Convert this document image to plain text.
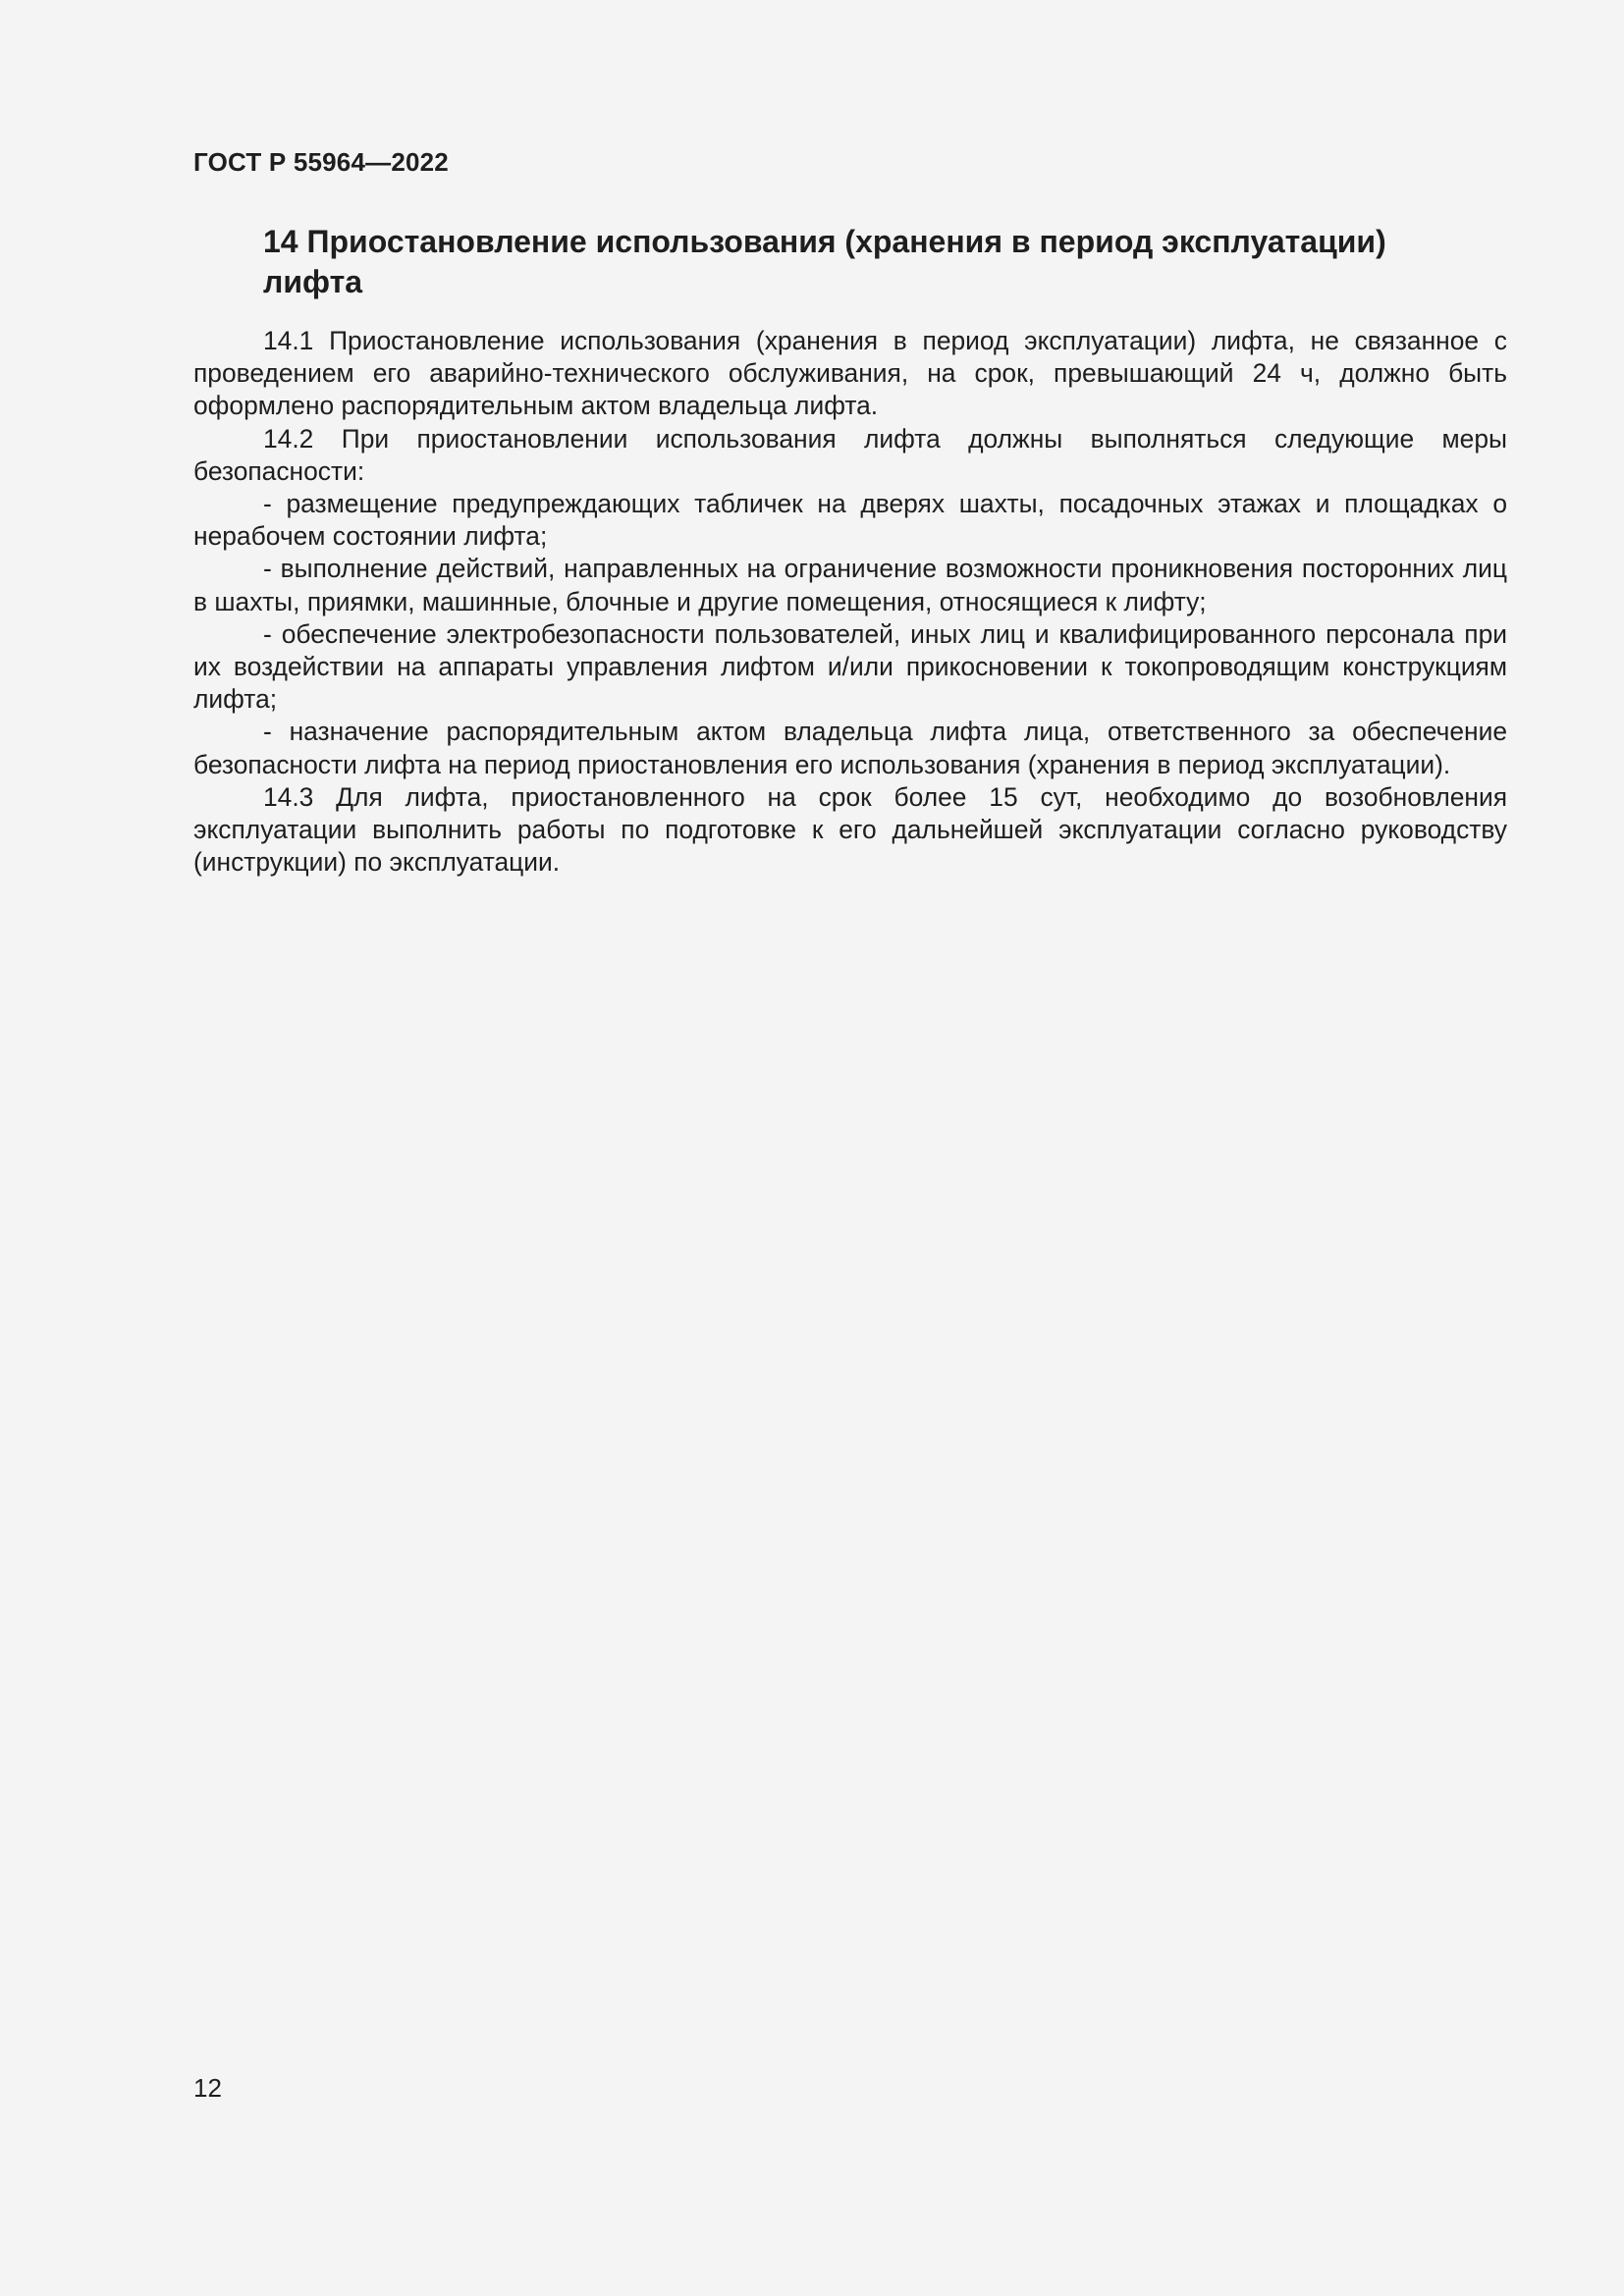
ГОСТ Р 55964—2022
14 Приостановление использования (хранения в период эксплуатации)
лифта

14.1 Приостановление использования (хранения в период эксплуатации) лифта, не связанное с проведением его аварийно-технического обслуживания, на срок, превышающий 24 ч, должно быть оформлено распорядительным актом владельца лифта.

14.2 При приостановлении использования лифта должны выполняться следующие меры безопасности:

- размещение предупреждающих табличек на дверях шахты, посадочных этажах и площадках о нерабочем состоянии лифта;

- выполнение действий, направленных на ограничение возможности проникновения посторонних лиц в шахты, приямки, машинные, блочные и другие помещения, относящиеся к лифту;

- обеспечение электробезопасности пользователей, иных лиц и квалифицированного персонала при их воздействии на аппараты управления лифтом и/или прикосновении к токопроводящим конструкциям лифта;

- назначение распорядительным актом владельца лифта лица, ответственного за обеспечение безопасности лифта на период приостановления его использования (хранения в период эксплуатации).

14.3 Для лифта, приостановленного на срок более 15 сут, необходимо до возобновления эксплуатации выполнить работы по подготовке к его дальнейшей эксплуатации согласно руководству (инструкции) по эксплуатации.

12
